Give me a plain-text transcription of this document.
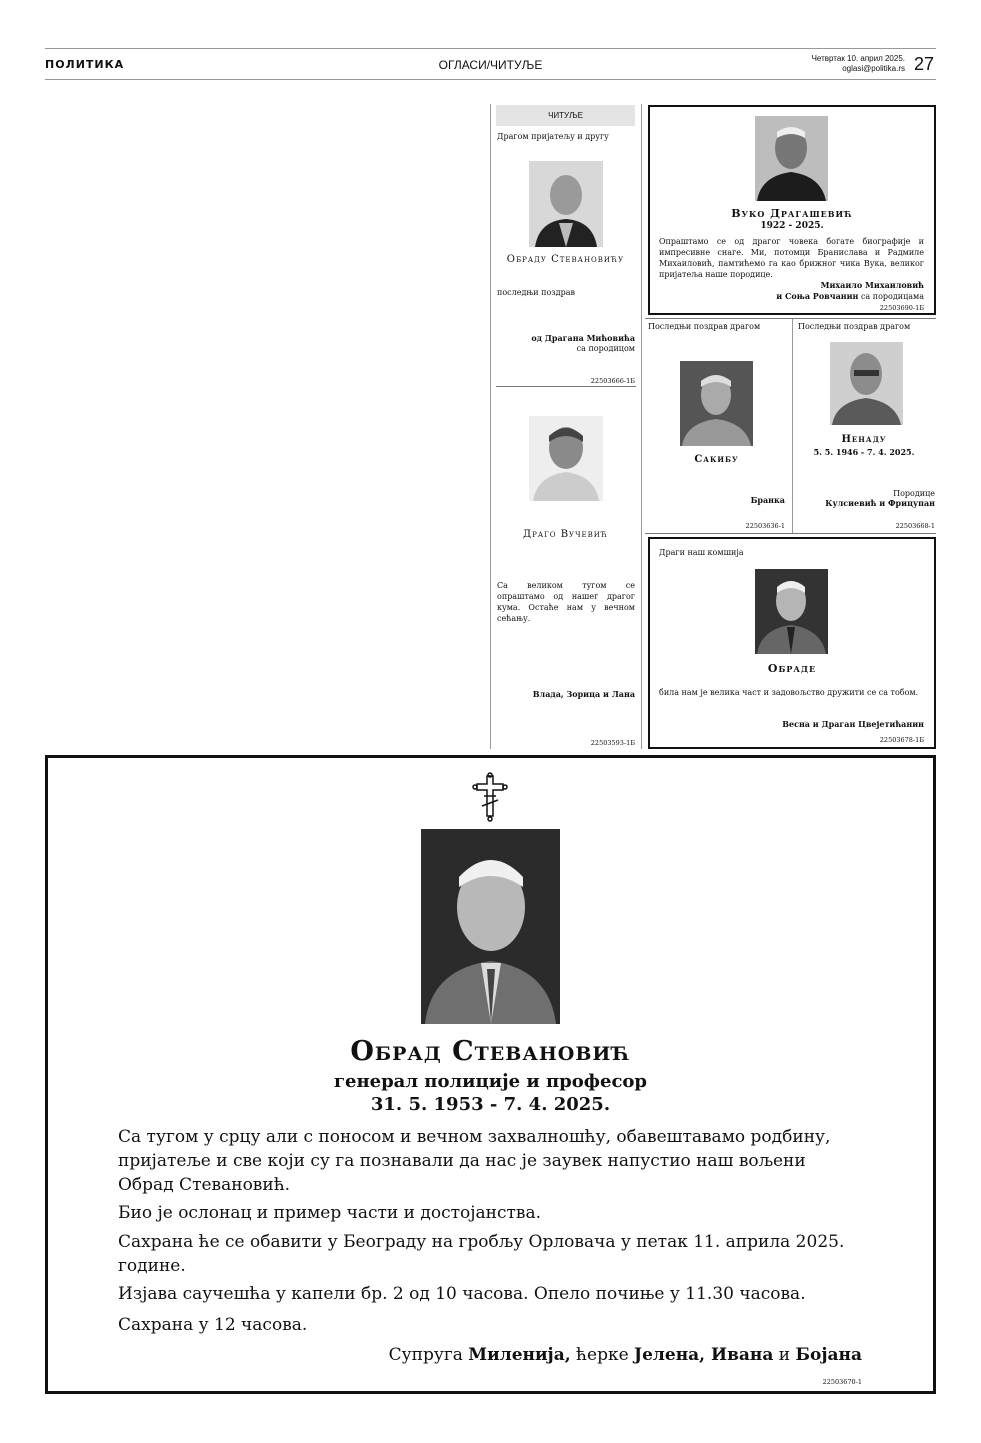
ПОЛИТИКА	ОГЛАСИ/ЧИТУЉЕ	Четвртак 10. април 2025.
oglasi@politika.rs 27
ЧИТУЉЕ
Драгом пријатељу и другу
Обраду Стевановићу
последњи поздрав
од Драгана Мићовића
са породицом
22503666-1Б
Драго Вучевић
Са великом тугом се опраштамо од нашег драгог кума. Остаће нам у вечном сећању.
Влада, Зорица и Лана
22503593-1Б
Вуко Драгашевић
1922 - 2025.
Опраштамо се од драгог човека богате биографије и импресивне снаге. Ми, потомци Бранислава и Радмиле Михаиловић, памтићемо га као брижног чика Вука, великог пријатеља наше породице.
Михаило Михаиловић
и Соња Ровчанин са породицама
22503690-1Б
Последњи поздрав драгом
Сакибу
Бранка
22503636-1
Последњи поздрав драгом
Ненаду
5. 5. 1946 - 7. 4. 2025.
Породице
Кулсиевић и Фрицупан
22503668-1
Драги наш комшија
Обраде
била нам је велика част и задовољство дружити се са тобом.
Весна и Драган Цвејетићанин
22503678-1Б
Обрад Стевановић
генерал полиције и професор
31. 5. 1953 - 7. 4. 2025.
Са тугом у срцу али с поносом и вечном захвалношћу, обавештавамо родбину, пријатеље и све који су га познавали да нас је заувек напустио наш вољени Обрад Стевановић.
Био је ослонац и пример части и достојанства.
Сахрана ће се обавити у Београду на гробљу Орловача у петак 11. априла 2025. године.
Изјава саучешћа у капели бр. 2 од 10 часова. Опело почиње у 11.30 часова.
Сахрана у 12 часова.
Супруга Миленија, ћерке Јелена, Ивана и Бојана
22503670-1
